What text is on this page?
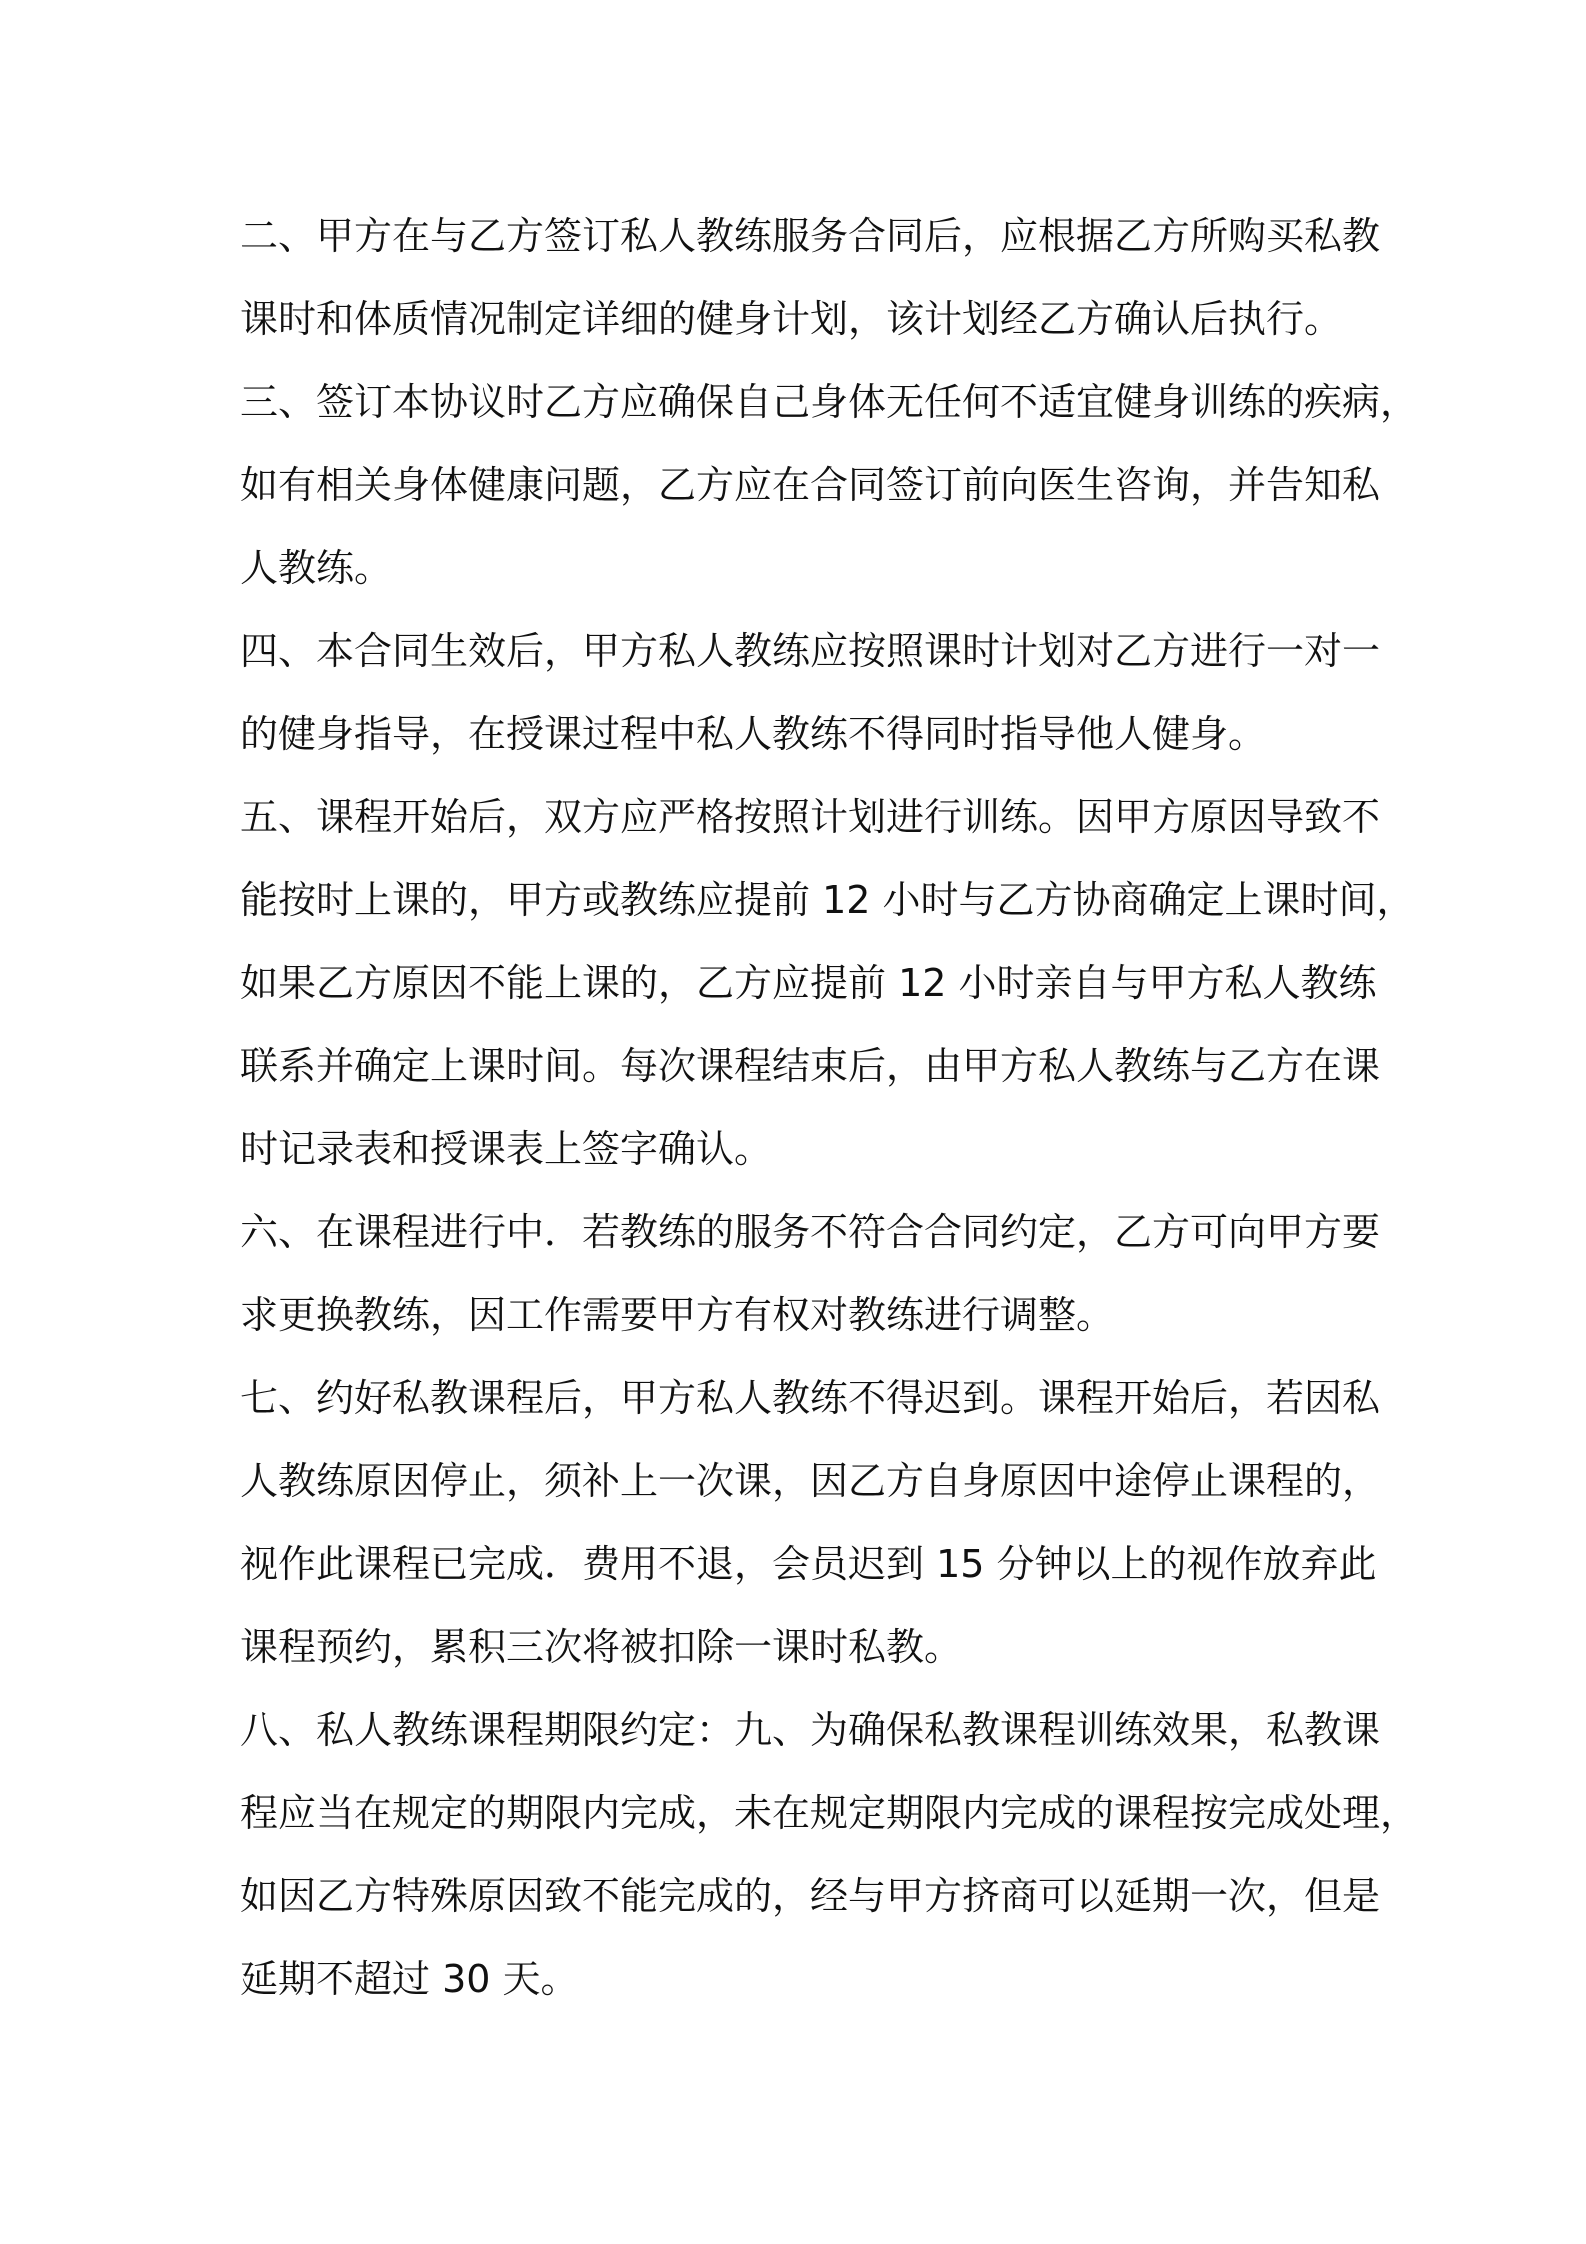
二、甲方在与乙方签订私人教练服务合同后，应根据乙方所购买私教
课时和体质情况制定详细的健身计划，该计划经乙方确认后执行。
三、签订本协议时乙方应确保自己身体无任何不适宜健身训练的疾病，
如有相关身体健康问题，乙方应在合同签订前向医生咨询，并告知私
人教练。
四、本合同生效后，甲方私人教练应按照课时计划对乙方进行一对一
的健身指导，在授课过程中私人教练不得同时指导他人健身。
五、课程开始后，双方应严格按照计划进行训练。因甲方原因导致不
能按时上课的，甲方或教练应提前 12 小时与乙方协商确定上课时间，
如果乙方原因不能上课的，乙方应提前 12 小时亲自与甲方私人教练
联系并确定上课时间。每次课程结束后，由甲方私人教练与乙方在课
时记录表和授课表上签字确认。
六、在课程进行中．若教练的服务不符合合同约定，乙方可向甲方要
求更换教练，因工作需要甲方有权对教练进行调整。
七、约好私教课程后，甲方私人教练不得迟到。课程开始后，若因私
人教练原因停止，须补上一次课，因乙方自身原因中途停止课程的，
视作此课程已完成．费用不退，会员迟到 15 分钟以上的视作放弃此
课程预约，累积三次将被扣除一课时私教。
八、私人教练课程期限约定：九、为确保私教课程训练效果，私教课
程应当在规定的期限内完成，未在规定期限内完成的课程按完成处理，
如因乙方特殊原因致不能完成的，经与甲方挤商可以延期一次，但是
延期不超过 30 天。
